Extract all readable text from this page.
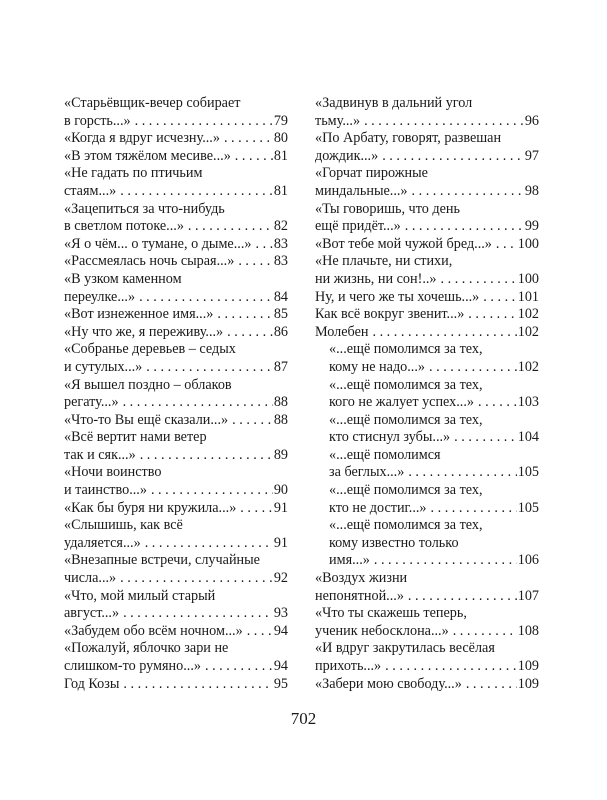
«Старьёвщик-вечер собирает
в горсть...» . . .	79
«Когда я вдруг исчезну...» . . .	80
«В этом тяжёлом месиве...» . . .	81
«Не гадать по птичьим
стаям...» . . .	81
«Зацепиться за что-нибудь
в светлом потоке...» . . .	82
«Я о чём... о тумане, о дыме...» . . . 83
«Рассмеялась ночь сырая...» . . .	83
«В узком каменном
переулке...» . . .	84
«Вот изнеженное имя...» . . .	85
«Ну что же, я переживу...» . . .	86
«Собранье деревьев – седых
и сутулых...» . . .	87
«Я вышел поздно – облаков
регату...» . . .	88
«Что-то Вы ещё сказали...» . . .	88
«Всё вертит нами ветер
так и сяк...» . . .	89
«Ночи воинство
и таинство...» . . .	90
«Как бы буря ни кружила...» . . .	91
«Слышишь, как всё
удаляется...» . . .	91
«Внезапные встречи, случайные
числа...» . . .	92
«Что, мой милый старый
август...» . . .	93
«Забудем обо всём ночном...» . . . 94
«Пожалуй, яблочко зари не
слишком-то румяно...» . . .	94
Год Козы . . .	95
«Задвинув в дальний угол
тьму...» . . .	96
«По Арбату, говорят, развешан
дождик...» . . .	97
«Горчат пирожные
миндальные...» . . .	98
«Ты говоришь, что день
ещё придёт...» . . .	99
«Вот тебе мой чужой бред...» . . . 100
«Не плачьте, ни стихи,
ни жизнь, ни сон!..» . . .	100
Ну, и чего же ты хочешь...» . . .	101
Как всё вокруг звенит...» . . .	102
Молебен . . .	102
«...ещё помолимся за тех,
кому не надо...» . . .	102
«...ещё помолимся за тех,
кого не жалует успех...» . . .	103
«...ещё помолимся за тех,
кто стиснул зубы...» . . .	104
«...ещё помолимся
за беглых...» . . .	105
«...ещё помолимся за тех,
кто не достиг...» . . .	105
«...ещё помолимся за тех,
кому известно только
имя...» . . .	106
«Воздух жизни
непонятной...» . . .	107
«Что ты скажешь теперь,
ученик небосклона...» . . .	108
«И вдруг закрутилась весёлая
прихоть...» . . .	109
«Забери мою свободу...» . . .	109
702
